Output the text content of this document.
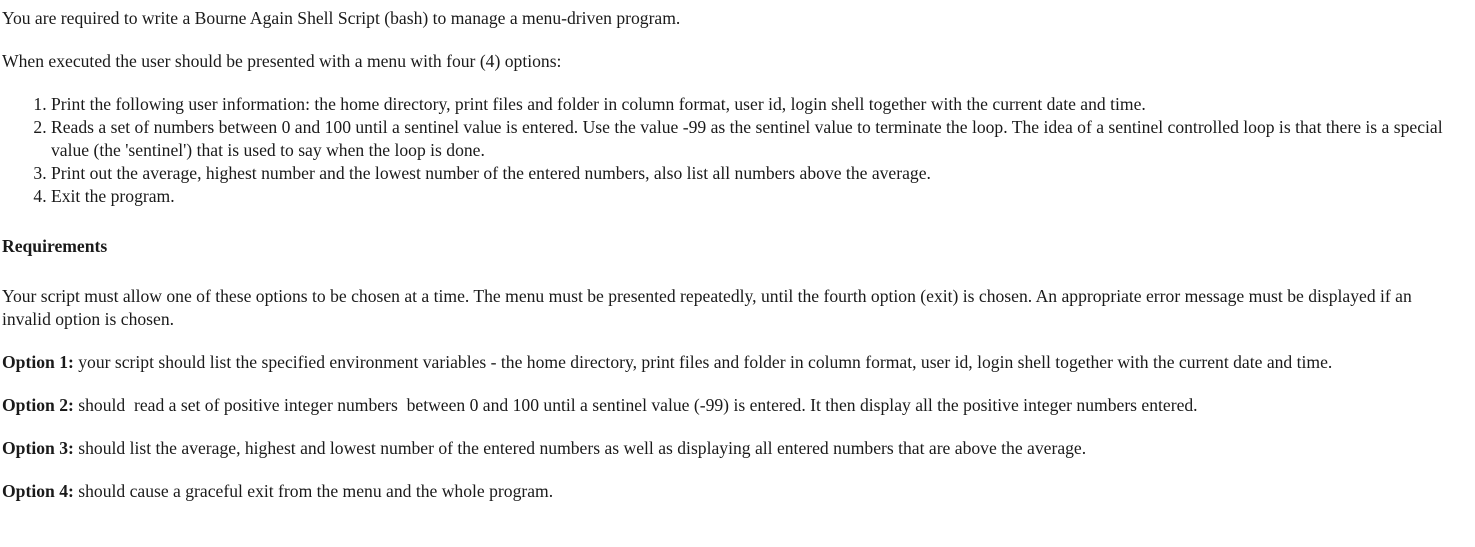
You are required to write a Bourne Again Shell Script (bash) to manage a menu-driven program.

When executed the user should be presented with a menu with four (4) options:

1. Print the following user information: the home directory, print files and folder in column format, user id, login shell together with the current date and time.
2. Reads a set of numbers between 0 and 100 until a sentinel value is entered. Use the value -99 as the sentinel value to terminate the loop. The idea of a sentinel controlled loop is that there is a special value (the 'sentinel') that is used to say when the loop is done.
3. Print out the average, highest number and the lowest number of the entered numbers, also list all numbers above the average.
4. Exit the program.
Requirements

Your script must allow one of these options to be chosen at a time. The menu must be presented repeatedly, until the fourth option (exit) is chosen. An appropriate error message must be displayed if an invalid option is chosen.

Option 1: your script should list the specified environment variables - the home directory, print files and folder in column format, user id, login shell together with the current date and time.

Option 2: should  read a set of positive integer numbers  between 0 and 100 until a sentinel value (-99) is entered. It then display all the positive integer numbers entered.

Option 3: should list the average, highest and lowest number of the entered numbers as well as displaying all entered numbers that are above the average.

Option 4: should cause a graceful exit from the menu and the whole program.
